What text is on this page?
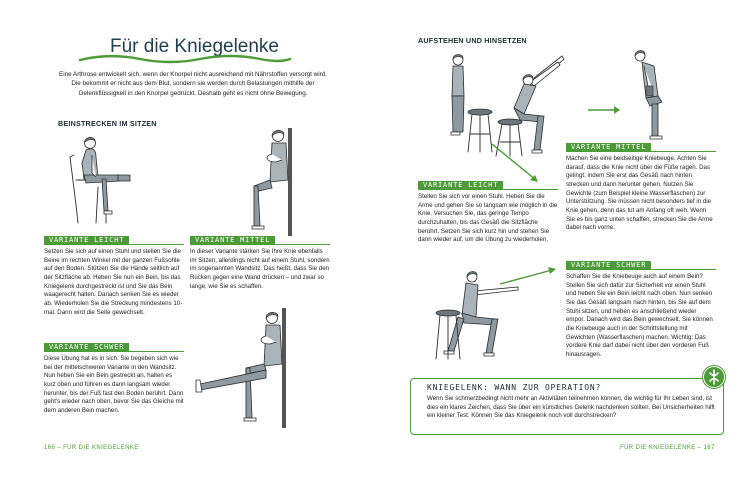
Für die Kniegelenke
Eine Arthrose entwickelt sich, wenn der Knorpel nicht ausreichend mit Nährstoffen versorgt wird. Die bekommt er nicht aus dem Blut, sondern sie werden durch Belastungen mithilfe der Gelenkflüssigkeit in den Knorpel gedrückt. Deshalb geht es nicht ohne Bewegung.
BEINSTRECKEN IM SITZEN
VARIANTE LEICHT
Setzen Sie sich auf einen Stuhl und stellen Sie die Beine im rechten Winkel mit der ganzen Fußsohle auf den Boden. Stützen Sie die Hände seitlich auf der Sitzfläche ab. Heben Sie nun ein Bein, bis das Kniegelenk durchgestreckt ist und Sie das Bein waagerecht halten. Danach senken Sie es wieder ab. Wiederholen Sie die Streckung mindestens 10-mal. Dann wird die Seite gewechselt.
VARIANTE MITTEL
In dieser Variante stärken Sie Ihre Knie ebenfalls im Sitzen, allerdings nicht auf einem Stuhl, sondern im sogenannten Wandsitz. Das heißt, dass Sie den Rücken gegen eine Wand drücken – und zwar so lange, wie Sie es schaffen.
VARIANTE SCHWER
Diese Übung hat es in sich: Sie begeben sich wie bei der mittelschweren Variante in den Wandsitz. Nun heben Sie ein Bein gestreckt an, halten es kurz oben und führen es dann langsam wieder herunter, bis der Fuß fast den Boden berührt. Dann geht's wieder nach oben, bevor Sie das Gleiche mit dem anderen Bein machen.
166 – FÜR DIE KNIEGELENKE
AUFSTEHEN UND HINSETZEN
VARIANTE LEICHT
Stellen Sie sich vor einen Stuhl. Heben Sie die Arme und gehen Sie so langsam wie möglich in die Knie. Versuchen Sie, das geringe Tempo durchzuhalten, bis das Gesäß die Sitzfläche berührt. Setzen Sie sich kurz hin und stehen Sie dann wieder auf, um die Übung zu wiederholen.
VARIANTE MITTEL
Machen Sie eine beidseitige Kniebeuge. Achten Sie darauf, dass die Knie nicht über die Füße ragen. Das gelingt, indem Sie erst das Gesäß nach hinten strecken und dann herunter gehen. Nutzen Sie Gewichte (zum Beispiel kleine Wasserflaschen) zur Unterstützung. Sie müssen nicht besonders tief in die Knie gehen, denn das tut am Anfang oft weh. Wenn Sie es bis ganz unten schaffen, strecken Sie die Arme dabei nach vorne.
VARIANTE SCHWER
Schaffen Sie die Kniebeuge auch auf einem Bein? Stellen Sie sich dafür zur Sicherheit vor einen Stuhl und heben Sie ein Bein leicht nach oben. Nun senken Sie das Gesäß langsam nach hinten, bis Sie auf dem Stuhl sitzen, und heben es anschließend wieder empor. Danach wird das Bein gewechselt. Sie können die Kniebeuge auch in der Schrittstellung mit Gewichten (Wasserflaschen) machen. Wichtig: Das vordere Knie darf dabei nicht über den vorderen Fuß hinausragen.
KNIEGELENK: WANN ZUR OPERATION?
Wenn Sie schmerzbedingt nicht mehr an Aktivitäten teilnehmen können, die wichtig für Ihr Leben sind, ist dies ein klares Zeichen, dass Sie über ein künstliches Gelenk nachdenken sollten. Bei Unsicherheiten hilft ein kleiner Test: Können Sie das Kniegelenk noch voll durchstrecken?
FÜR DIE KNIEGELENKE – 167
